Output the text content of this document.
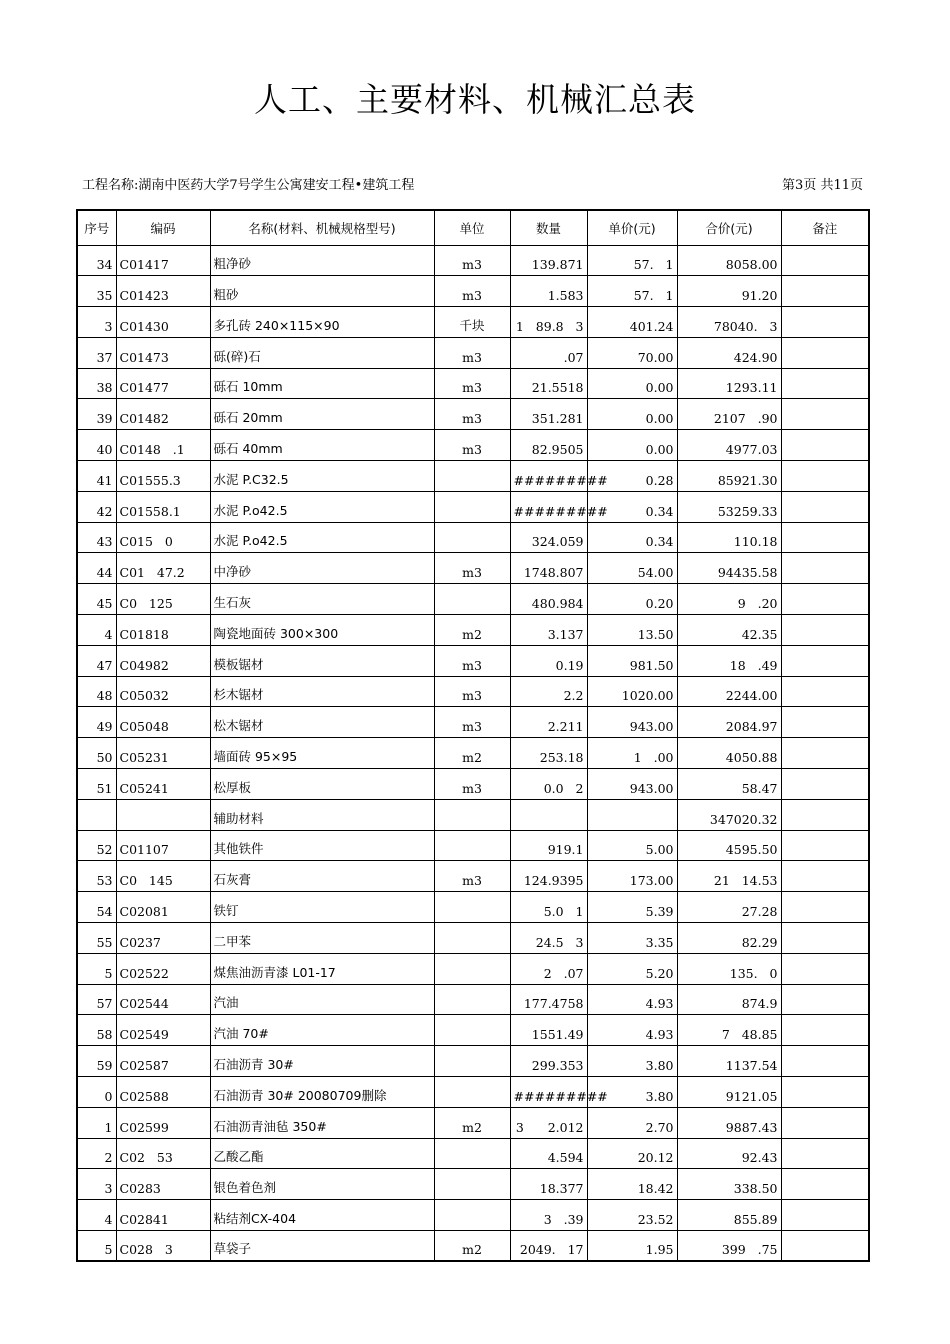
人工、主要材料、机械汇总表
工程名称:湖南中医药大学7号学生公寓建安工程•建筑工程	第3页 共11页
序号	编码	名称(材料、机械规格型号)	单位	数量	单价(元)	合价(元)	备注
34	C01417	粗净砂	m3	139.871	57.   1	8058.00	
35	C01423	粗砂	m3	1.583	57.   1	91.20	
3	C01430	多孔砖 240×115×90	千块	1   89.8   3	401.24	78040.   3	
37	C01473	砾(碎)石	m3	.07	70.00	424.90	
38	C01477	砾石 10mm	m3	21.5518	0.00	1293.11	
39	C01482	砾石 20mm	m3	351.281	0.00	2107   .90	
40	C0148   .1	砾石 40mm	m3	82.9505	0.00	4977.03	
41	C01555.3	水泥 P.C32.5		#########	0.28	85921.30	
42	C01558.1	水泥 P.o42.5		#########	0.34	53259.33	
43	C015   0	水泥 P.o42.5		324.059	0.34	110.18	
44	C01   47.2	中净砂	m3	1748.807	54.00	94435.58	
45	C0   125	生石灰		480.984	0.20	9   .20	
4	C01818	陶瓷地面砖 300×300	m2	3.137	13.50	42.35	
47	C04982	模板锯材	m3	0.19	981.50	18   .49	
48	C05032	杉木锯材	m3	2.2	1020.00	2244.00	
49	C05048	松木锯材	m3	2.211	943.00	2084.97	
50	C05231	墙面砖 95×95	m2	253.18	1   .00	4050.88	
51	C05241	松厚板	m3	0.0   2	943.00	58.47	
		辅助材料				347020.32	
52	C01107	其他铁件		919.1	5.00	4595.50	
53	C0   145	石灰膏	m3	124.9395	173.00	21   14.53	
54	C02081	铁钉		5.0   1	5.39	27.28	
55	C0237	二甲苯		24.5   3	3.35	82.29	
5	C02522	煤焦油沥青漆 L01-17		2   .07	5.20	135.   0	
57	C02544	汽油		177.4758	4.93	874.9	
58	C02549	汽油 70#		1551.49	4.93	7   48.85	
59	C02587	石油沥青 30#		299.353	3.80	1137.54	
0	C02588	石油沥青 30# 20080709删除		#########	3.80	9121.05	
1	C02599	石油沥青油毡 350#	m2	3      2.012	2.70	9887.43	
2	C02   53	乙酸乙酯		4.594	20.12	92.43	
3	C0283	银色着色剂		18.377	18.42	338.50	
4	C02841	粘结剂CX-404		3   .39	23.52	855.89	
5	C028   3	草袋子	m2	2049.   17	1.95	399   .75	
